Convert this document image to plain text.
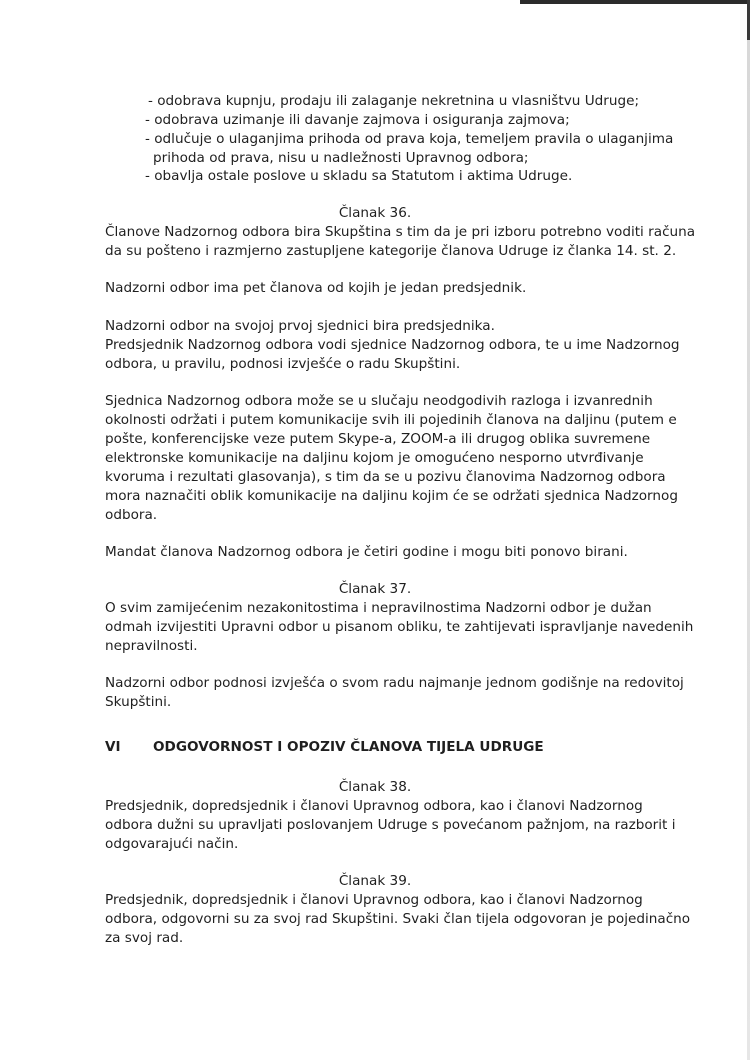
- odobrava kupnju, prodaju ili zalaganje nekretnina u vlasništvu Udruge;
- odobrava uzimanje ili davanje zajmova i osiguranja zajmova;
- odlučuje o ulaganjima prihoda od prava koja, temeljem pravila o ulaganjima
prihoda od prava, nisu u nadležnosti Upravnog odbora;
- obavlja ostale poslove u skladu sa Statutom i aktima Udruge.
Članak 36.
Članove Nadzornog odbora bira Skupština s tim da je pri izboru potrebno voditi računa
da su pošteno i razmjerno zastupljene kategorije članova Udruge iz članka 14. st. 2.
Nadzorni odbor ima pet članova od kojih je jedan predsjednik.
Nadzorni odbor na svojoj prvoj sjednici bira predsjednika.
Predsjednik Nadzornog odbora vodi sjednice Nadzornog odbora, te u ime Nadzornog
odbora, u pravilu, podnosi izvješće o radu Skupštini.
Sjednica Nadzornog odbora može se u slučaju neodgodivih razloga i izvanrednih
okolnosti održati i putem komunikacije svih ili pojedinih članova na daljinu (putem e
pošte, konferencijske veze putem Skype-a, ZOOM-a ili drugog oblika suvremene
elektronske komunikacije na daljinu kojom je omogućeno nesporno utvrđivanje
kvoruma i rezultati glasovanja), s tim da se u pozivu članovima Nadzornog odbora
mora naznačiti oblik komunikacije na daljinu kojim će se održati sjednica Nadzornog
odbora.
Mandat članova Nadzornog odbora je četiri godine i mogu biti ponovo birani.
Članak 37.
O svim zamijećenim nezakonitostima i nepravilnostima Nadzorni odbor je dužan
odmah izvijestiti Upravni odbor u pisanom obliku, te zahtijevati ispravljanje navedenih
nepravilnosti.
Nadzorni odbor podnosi izvješća o svom radu najmanje jednom godišnje na redovitoj
Skupštini.
VI ODGOVORNOST I OPOZIV ČLANOVA TIJELA UDRUGE
Članak 38.
Predsjednik, dopredsjednik i članovi Upravnog odbora, kao i članovi Nadzornog
odbora dužni su upravljati poslovanjem Udruge s povećanom pažnjom, na razborit i
odgovarajući način.
Članak 39.
Predsjednik, dopredsjednik i članovi Upravnog odbora, kao i članovi Nadzornog
odbora, odgovorni su za svoj rad Skupštini. Svaki član tijela odgovoran je pojedinačno
za svoj rad.
